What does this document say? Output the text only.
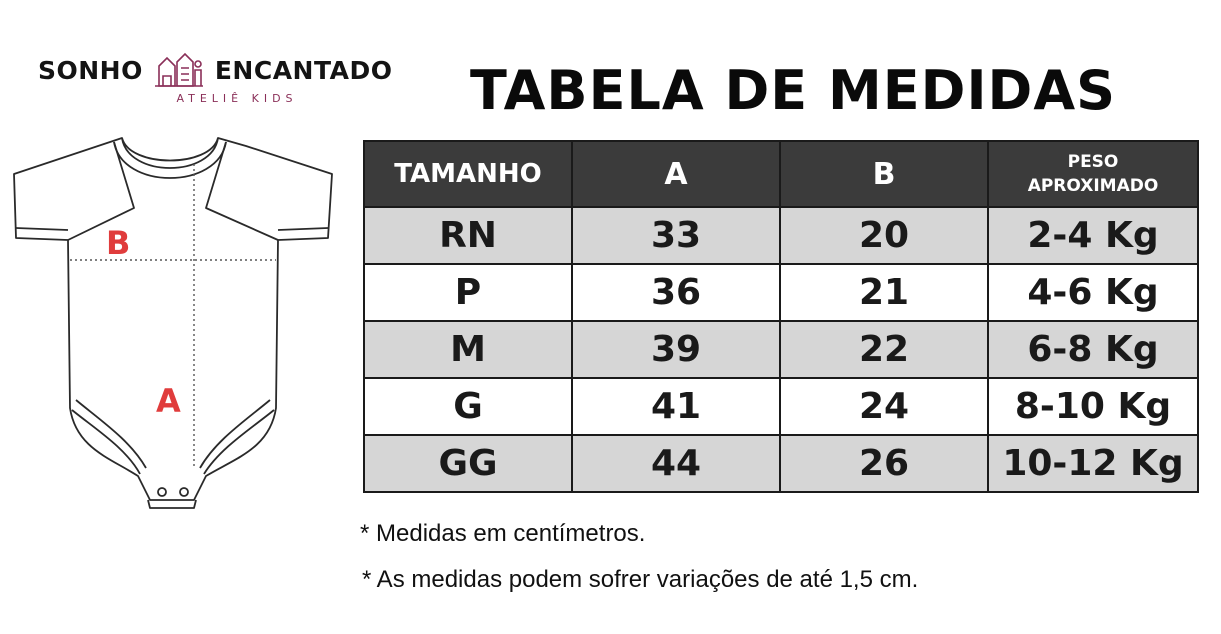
SONHO	ENCANTADO
ATELIÊ KIDS	TABELA DE MEDIDAS
B
A
TAMANHO	A	B	PESO
APROXIMADO

RN	33	20	2-4 Kg
P	36	21	4-6 Kg
M	39	22	6-8 Kg
G	41	24	8-10 Kg
GG	44	26	10-12 Kg
* Medidas em centímetros.
* As medidas podem sofrer variações de até 1,5 cm.
